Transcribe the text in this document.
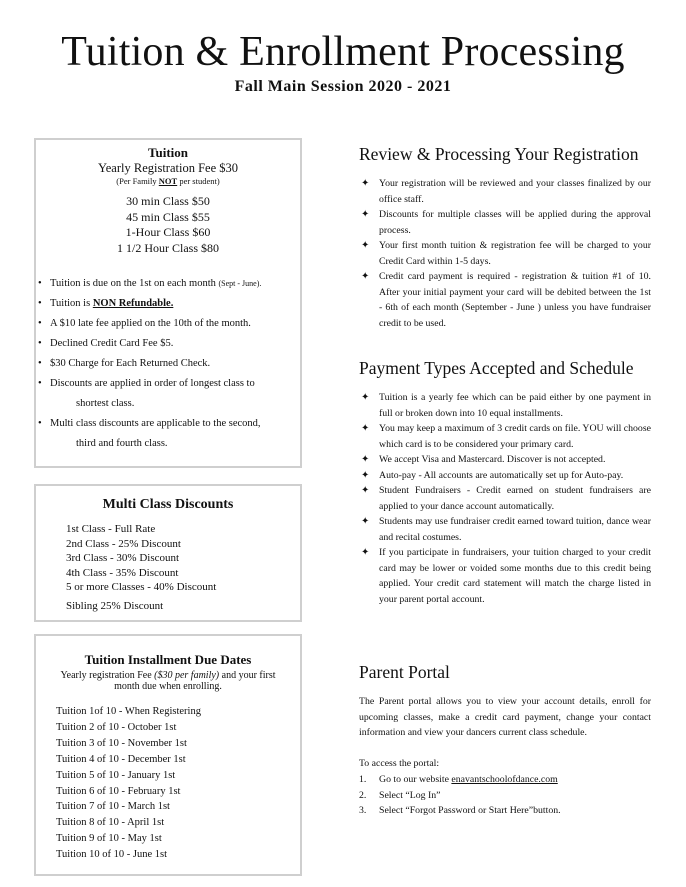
Tuition & Enrollment Processing
Fall Main Session 2020 - 2021
Tuition
Yearly Registration Fee $30
(Per Family NOT per student)
30 min Class $50
45 min Class $55
1-Hour Class $60
1 1/2 Hour Class $80
• Tuition is due on the 1st on each month (Sept - June).
• Tuition is NON Refundable.
• A $10 late fee applied on the 10th of the month.
• Declined Credit Card Fee $5.
• $30 Charge for Each Returned Check.
• Discounts are applied in order of longest class to
shortest class.
• Multi class discounts are applicable to the second,
third and fourth class.
Multi Class Discounts
1st Class - Full Rate
2nd Class - 25% Discount
3rd Class - 30% Discount
4th Class - 35% Discount
5 or more Classes - 40% Discount
Sibling 25% Discount
Tuition Installment Due Dates
Yearly registration Fee ($30 per family) and your first month due when enrolling.
Tuition 1of 10 - When Registering
Tuition 2 of 10 - October 1st
Tuition 3 of 10 - November 1st
Tuition 4 of 10 - December 1st
Tuition 5 of 10 - January 1st
Tuition 6 of 10 - February 1st
Tuition 7 of 10 - March 1st
Tuition 8 of 10 - April 1st
Tuition 9 of 10 - May 1st
Tuition 10 of 10 - June 1st
Review & Processing Your Registration
✦ Your registration will be reviewed and your classes finalized by our office staff.
✦ Discounts for multiple classes will be applied during the approval process.
✦ Your first month tuition & registration fee will be charged to your Credit Card within 1-5 days.
✦ Credit card payment is required - registration & tuition #1 of 10. After your initial payment your card will be debited between the 1st - 6th of each month (September - June ) unless you have fundraiser credit to be used.
Payment Types Accepted and Schedule
✦ Tuition is a yearly fee which can be paid either by one payment in full or broken down into 10 equal installments.
✦ You may keep a maximum of 3 credit cards on file. YOU will choose which card is to be considered your primary card.
✦ We accept Visa and Mastercard. Discover is not accepted.
✦ Auto-pay - All accounts are automatically set up for Auto-pay.
✦ Student Fundraisers - Credit earned on student fundraisers are applied to your dance account automatically.
✦ Students may use fundraiser credit earned toward tuition, dance wear and recital costumes.
✦ If you participate in fundraisers, your tuition charged to your credit card may be lower or voided some months due to this credit being applied. Your credit card statement will match the charge listed in your parent portal account.
Parent Portal
The Parent portal allows you to view your account details, enroll for upcoming classes, make a credit card payment, change your contact information and view your dancers current class schedule.
To access the portal:
1. Go to our website enavantschoolofdance.com
2. Select “Log In”
3. Select “Forgot Password or Start Here”button.
